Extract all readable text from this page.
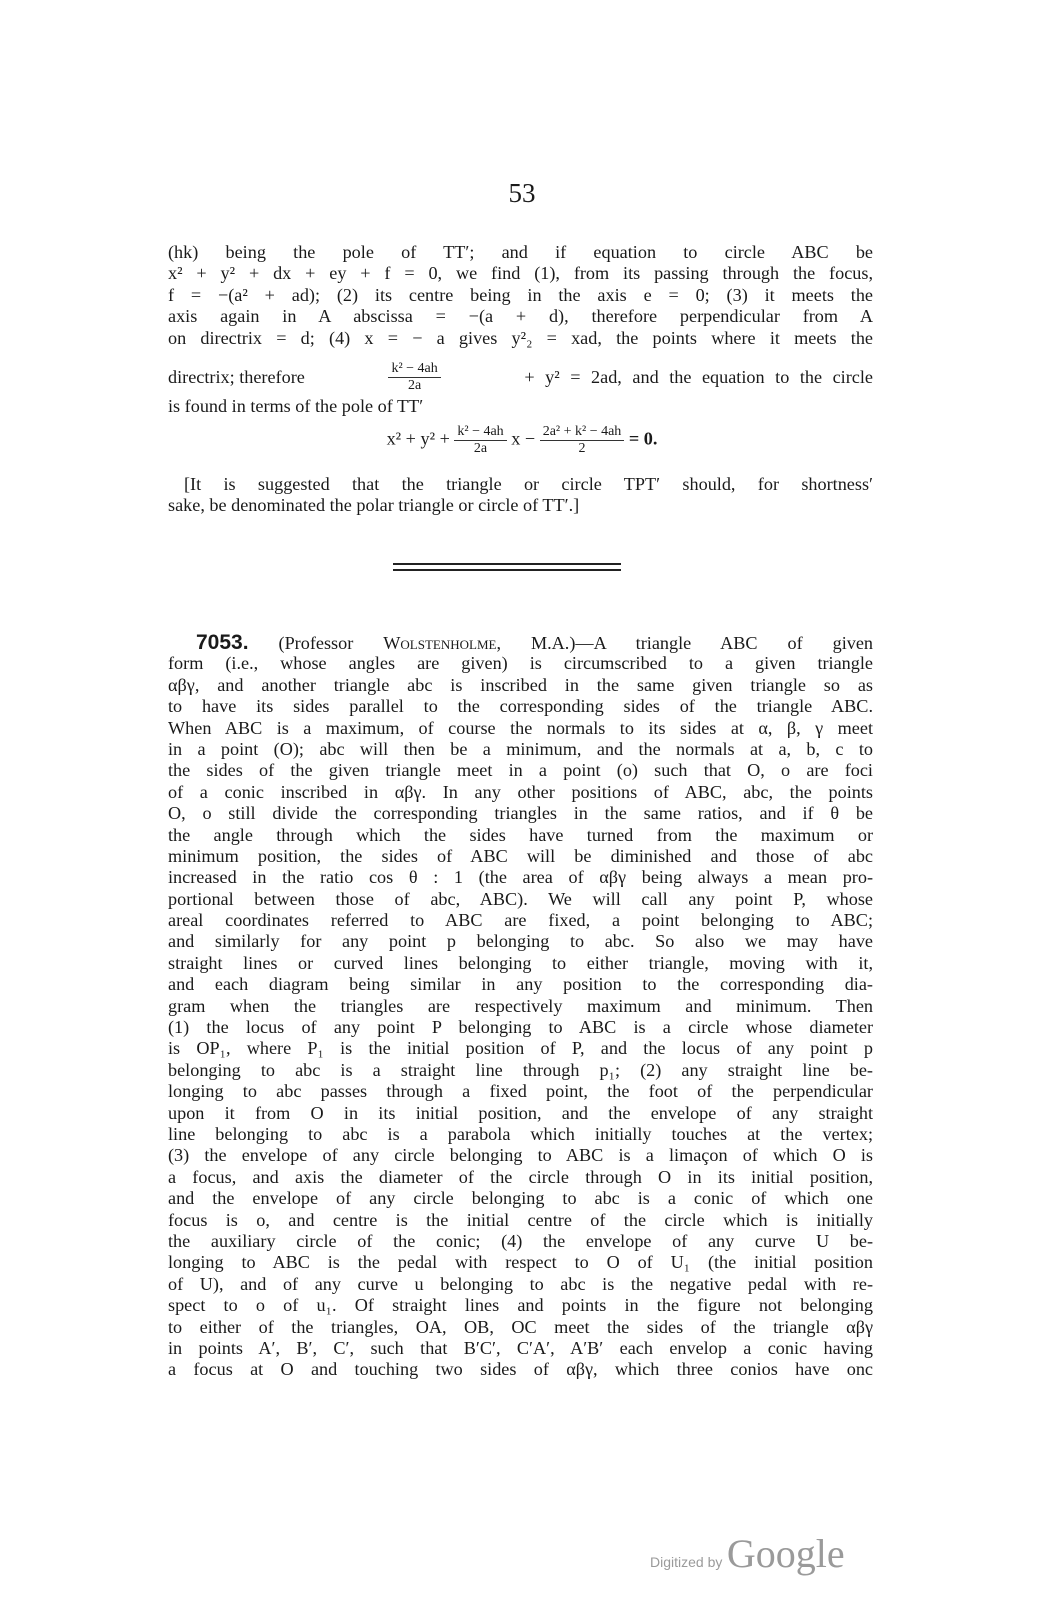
53
(hk) being the pole of TT′; and if equation to circle ABC be
x² + y² + dx + ey + f = 0, we find (1), from its passing through the focus,
f = −(a² + ad); (2) its centre being in the axis e = 0; (3) it meets the
axis again in A abscissa = −(a + d), therefore perpendicular from A
on directrix = d; (4) x = − a gives y²₂ = xad, the points where it meets the
directrix; therefore	$\frac{\text{k² − 4ah}}{2a}$	+ y² = 2ad, and the equation to the circle
is found in terms of the pole of TT′
$x^2 + y^2 + \frac{\text{k² − 4ah}}{2a}$ $x - \frac{\text{2a² + k² − 4ah}}{2} = 0$.
[It is suggested that the triangle or circle TPT′ should, for shortness′
sake, be denominated the polar triangle or circle of TT′.]
7053. (Professor Wolstenholme, M.A.)—A triangle ABC of given
form (i.e., whose angles are given) is circumscribed to a given triangle
αβγ, and another triangle abc is inscribed in the same given triangle so as
to have its sides parallel to the corresponding sides of the triangle ABC.
When ABC is a maximum, of course the normals to its sides at α, β, γ meet
in a point (O); abc will then be a minimum, and the normals at a, b, c to
the sides of the given triangle meet in a point (o) such that O, o are foci
of a conic inscribed in αβγ. In any other positions of ABC, abc, the points
O, o still divide the corresponding triangles in the same ratios, and if θ be
the angle through which the sides have turned from the maximum or
minimum position, the sides of ABC will be diminished and those of abc
increased in the ratio cos θ : 1 (the area of αβγ being always a mean pro-
portional between those of abc, ABC). We will call any point P, whose
areal coordinates referred to ABC are fixed, a point belonging to ABC;
and similarly for any point p belonging to abc. So also we may have
straight lines or curved lines belonging to either triangle, moving with it,
and each diagram being similar in any position to the corresponding dia-
gram when the triangles are respectively maximum and minimum. Then
(1) the locus of any point P belonging to ABC is a circle whose diameter
is OP₁, where P₁ is the initial position of P, and the locus of any point p
belonging to abc is a straight line through p₁; (2) any straight line be-
longing to abc passes through a fixed point, the foot of the perpendicular
upon it from O in its initial position, and the envelope of any straight
line belonging to abc is a parabola which initially touches at the vertex;
(3) the envelope of any circle belonging to ABC is a limaçon of which O is
a focus, and axis the diameter of the circle through O in its initial position,
and the envelope of any circle belonging to abc is a conic of which one
focus is o, and centre is the initial centre of the circle which is initially
the auxiliary circle of the conic; (4) the envelope of any curve U be-
longing to ABC is the pedal with respect to O of U₁ (the initial position
of U), and of any curve u belonging to abc is the negative pedal with re-
spect to o of u₁. Of straight lines and points in the figure not belonging
to either of the triangles, OA, OB, OC meet the sides of the triangle αβγ
in points A′, B′, C′, such that B′C′, C′A′, A′B′ each envelop a conic having
a focus at O and touching two sides of αβγ, which three conios have onc
Digitized by Google
